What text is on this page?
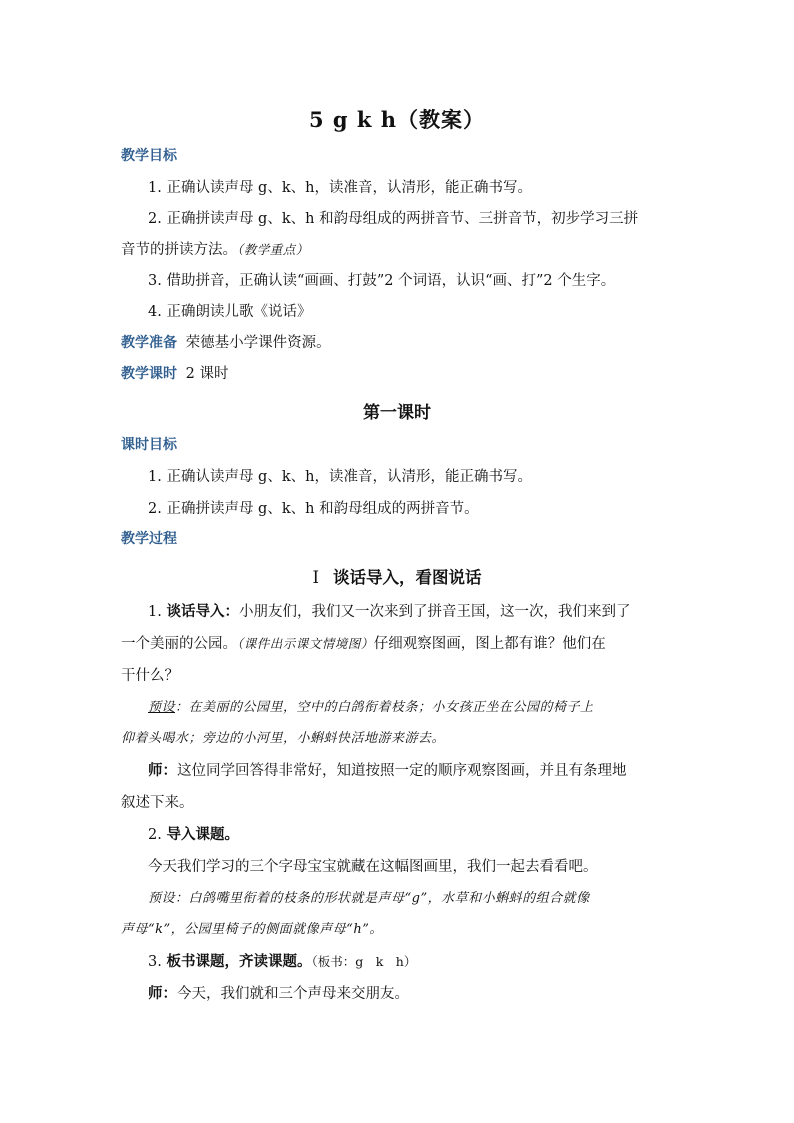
5 g k h（教案）
教学目标
1. 正确认读声母 g、k、h，读准音，认清形，能正确书写。
2. 正确拼读声母 g、k、h 和韵母组成的两拼音节、三拼音节，初步学习三拼
音节的拼读方法。（教学重点）
3. 借助拼音，正确认读“画画、打鼓”2 个词语，认识“画、打”2 个生字。
4. 正确朗读儿歌《说话》
教学准备 荣德基小学课件资源。
教学课时 2 课时
第一课时
课时目标
1. 正确认读声母 g、k、h，读准音，认清形，能正确书写。
2. 正确拼读声母 g、k、h 和韵母组成的两拼音节。
教学过程
Ⅰ 谈话导入，看图说话
1. 谈话导入：小朋友们，我们又一次来到了拼音王国，这一次，我们来到了
一个美丽的公园。（课件出示课文情境图）仔细观察图画，图上都有谁？他们在
干什么？
预设：在美丽的公园里，空中的白鸽衔着枝条；小女孩正坐在公园的椅子上
仰着头喝水；旁边的小河里，小蝌蚪快活地游来游去。
师：这位同学回答得非常好，知道按照一定的顺序观察图画，并且有条理地
叙述下来。
2. 导入课题。
今天我们学习的三个字母宝宝就藏在这幅图画里，我们一起去看看吧。
预设：白鸽嘴里衔着的枝条的形状就是声母“g”，水草和小蝌蚪的组合就像
声母“k”，公园里椅子的侧面就像声母“h”。
3. 板书课题，齐读课题。（板书：g　k　h）
师：今天，我们就和三个声母来交朋友。
